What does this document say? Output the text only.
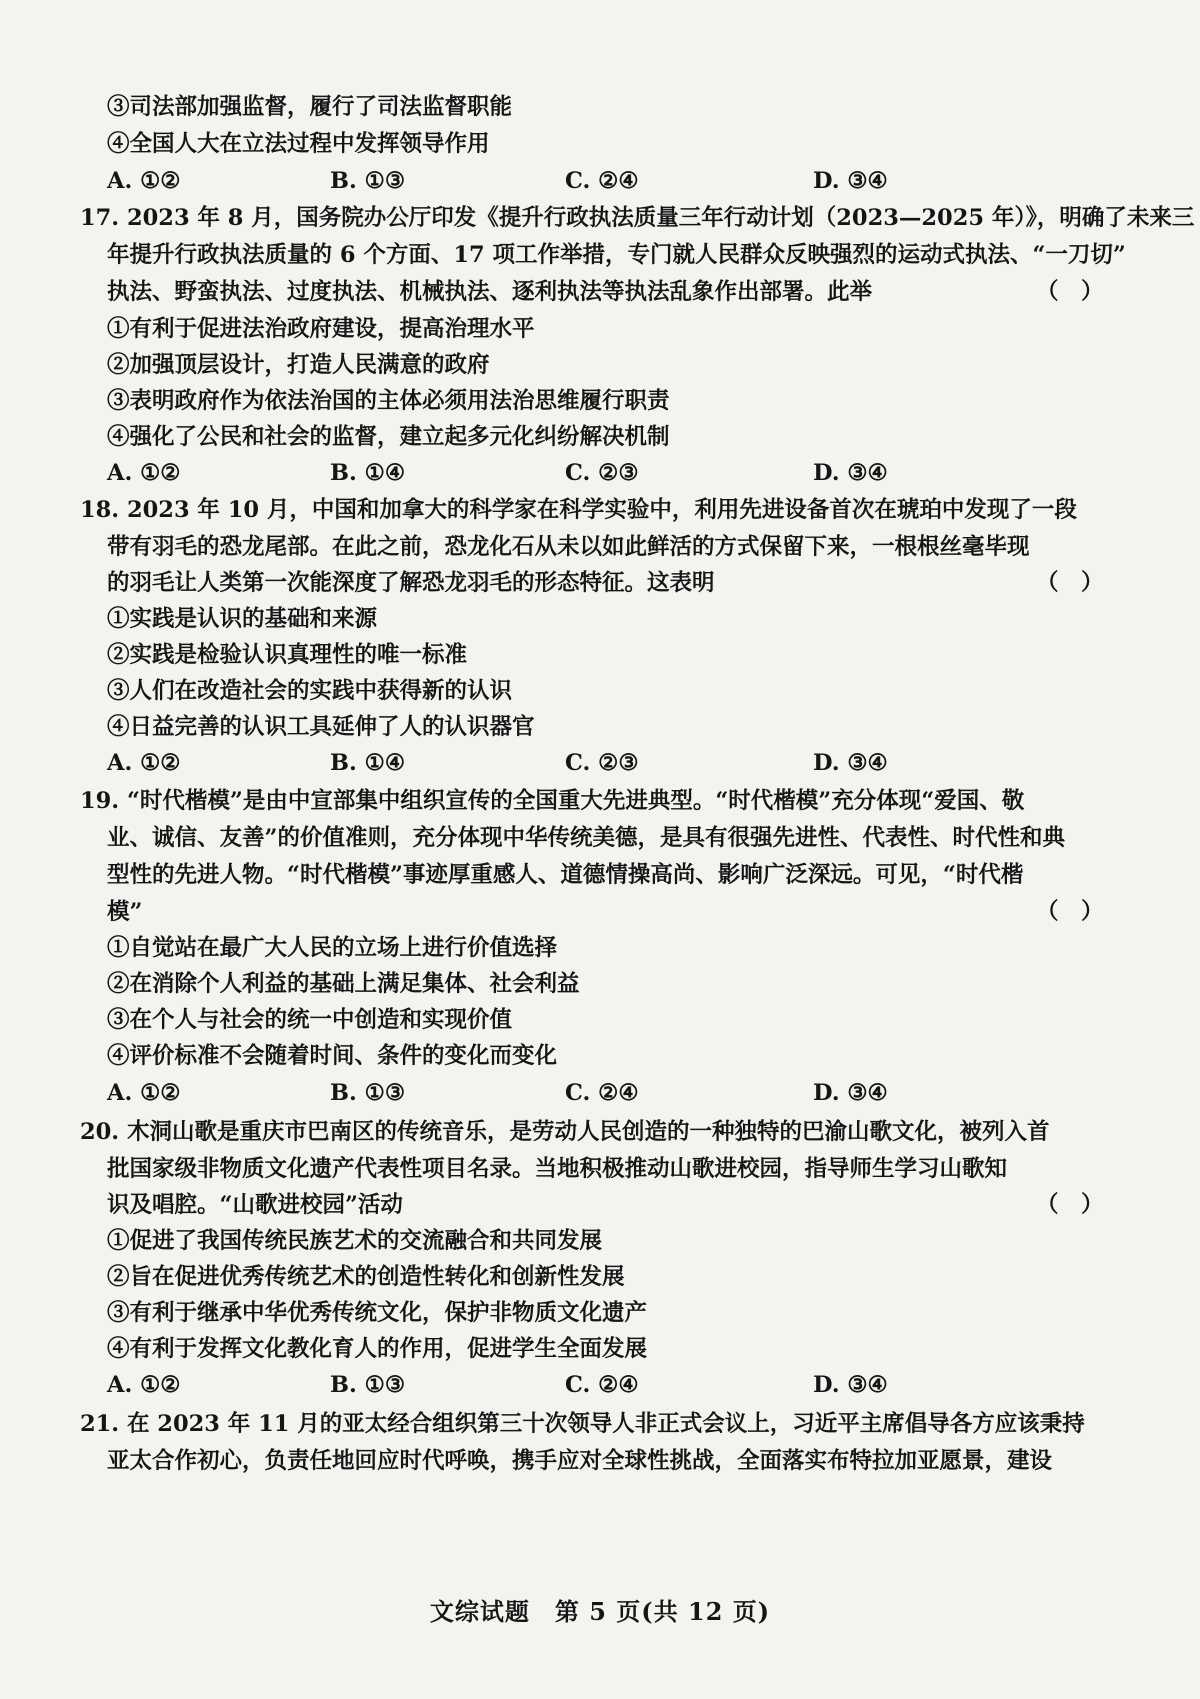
③司法部加强监督，履行了司法监督职能
④全国人大在立法过程中发挥领导作用
A. ①②	B. ①③	C. ②④	D. ③④
17. 2023 年 8 月，国务院办公厅印发《提升行政执法质量三年行动计划（2023—2025 年）》，明确了未来三
年提升行政执法质量的 6 个方面、17 项工作举措，专门就人民群众反映强烈的运动式执法、“一刀切”
执法、野蛮执法、过度执法、机械执法、逐利执法等执法乱象作出部署。此举	（　）
①有利于促进法治政府建设，提高治理水平
②加强顶层设计，打造人民满意的政府
③表明政府作为依法治国的主体必须用法治思维履行职责
④强化了公民和社会的监督，建立起多元化纠纷解决机制
A. ①②	B. ①④	C. ②③	D. ③④
18. 2023 年 10 月，中国和加拿大的科学家在科学实验中，利用先进设备首次在琥珀中发现了一段
带有羽毛的恐龙尾部。在此之前，恐龙化石从未以如此鲜活的方式保留下来，一根根丝毫毕现
的羽毛让人类第一次能深度了解恐龙羽毛的形态特征。这表明	（　）
①实践是认识的基础和来源
②实践是检验认识真理性的唯一标准
③人们在改造社会的实践中获得新的认识
④日益完善的认识工具延伸了人的认识器官
A. ①②	B. ①④	C. ②③	D. ③④
19. “时代楷模”是由中宣部集中组织宣传的全国重大先进典型。“时代楷模”充分体现“爱国、敬
业、诚信、友善”的价值准则，充分体现中华传统美德，是具有很强先进性、代表性、时代性和典
型性的先进人物。“时代楷模”事迹厚重感人、道德情操高尚、影响广泛深远。可见，“时代楷
模”	（　）
①自觉站在最广大人民的立场上进行价值选择
②在消除个人利益的基础上满足集体、社会利益
③在个人与社会的统一中创造和实现价值
④评价标准不会随着时间、条件的变化而变化
A. ①②	B. ①③	C. ②④	D. ③④
20. 木洞山歌是重庆市巴南区的传统音乐，是劳动人民创造的一种独特的巴渝山歌文化，被列入首
批国家级非物质文化遗产代表性项目名录。当地积极推动山歌进校园，指导师生学习山歌知
识及唱腔。“山歌进校园”活动	（　）
①促进了我国传统民族艺术的交流融合和共同发展
②旨在促进优秀传统艺术的创造性转化和创新性发展
③有利于继承中华优秀传统文化，保护非物质文化遗产
④有利于发挥文化教化育人的作用，促进学生全面发展
A. ①②	B. ①③	C. ②④	D. ③④
21. 在 2023 年 11 月的亚太经合组织第三十次领导人非正式会议上，习近平主席倡导各方应该秉持
亚太合作初心，负责任地回应时代呼唤，携手应对全球性挑战，全面落实布特拉加亚愿景，建设
文综试题　第 5 页(共 12 页)
